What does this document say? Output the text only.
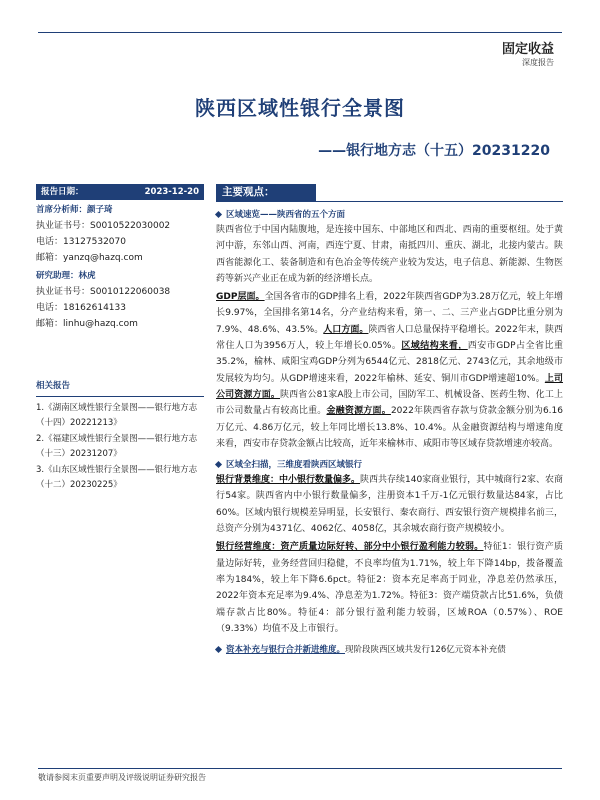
固定收益
深度报告
陕西区域性银行全景图
——银行地方志（十五）20231220
报告日期：	2023-12-20
首席分析师：颜子琦
执业证书号：S0010522030002
电话：13127532070
邮箱：yanzq@hazq.com
研究助理：林虎
执业证书号：S0010122060038
电话：18162614133
邮箱：linhu@hazq.com
相关报告
1.《湖南区域性银行全景图——银行地方志（十四）20221213》
2.《福建区域性银行全景图——银行地方志（十三）20231207》
3.《山东区域性银行全景图——银行地方志（十二）20230225》
主要观点：
区域速览——陕西省的五个方面
陕西省位于中国内陆腹地，是连接中国东、中部地区和西北、西南的重要枢纽。处于黄河中游，东邻山西、河南，西连宁夏、甘肃，南抵四川、重庆、湖北，北接内蒙古。陕西省能源化工、装备制造和有色冶金等传统产业较为发达，电子信息、新能源、生物医药等新兴产业正在成为新的经济增长点。
GDP层面。全国各省市的GDP排名上看，2022年陕西省GDP为3.28万亿元，较上年增长9.97%，全国排名第14名，分产业结构来看，第一、二、三产业占GDP比重分别为7.9%、48.6%、43.5%。人口方面。陕西省人口总量保持平稳增长。2022年末，陕西常住人口为3956万人，较上年增长0.05%。区域结构来看，西安市GDP占全省比重35.2%，榆林、咸阳宝鸡GDP分列为6544亿元、2818亿元、2743亿元，其余地级市发展较为均匀。从GDP增速来看，2022年榆林、延安、铜川市GDP增速超10%。上司公司资源方面。陕西省公81家A股上市公司，国防军工、机械设备、医药生物、化工上市公司数量占有较高比重。金融资源方面。2022年陕西省存款与贷款金额分别为6.16万亿元、4.86万亿元，较上年同比增长13.8%、10.4%。从金融资源结构与增速角度来看，西安市存贷款金额占比较高，近年来榆林市、咸阳市等区域存贷款增速亦较高。
区域全扫描，三维度看陕西区域银行
银行背景维度：中小银行数量偏多。陕西共存续140家商业银行，其中城商行2家、农商行54家。陕西省内中小银行数量偏多，注册资本1千万-1亿元银行数量达84家，占比60%。区域内银行规模差异明显，长安银行、秦农商行、西安银行资产规模排名前三，总资产分别为4371亿、4062亿、4058亿，其余城农商行资产规模较小。
银行经营维度：资产质量边际好转、部分中小银行盈利能力较弱。特征1：银行资产质量边际好转，业务经营回归稳健，不良率均值为1.71%，较上年下降14bp，拨备覆盖率为184%，较上年下降6.6pct。特征2：资本充足率高于同业，净息差仍然承压，2022年资本充足率为9.4%、净息差为1.72%。特征3：资产端贷款占比51.6%，负债端存款占比80%。特征4：部分银行盈利能力较弱，区域ROA（0.57%）、ROE（9.33%）均值不及上市银行。
资本补充与银行合并新进维度。 现阶段陕西区域共发行126亿元资本补充债
敬请参阅末页重要声明及评级说明证券研究报告
